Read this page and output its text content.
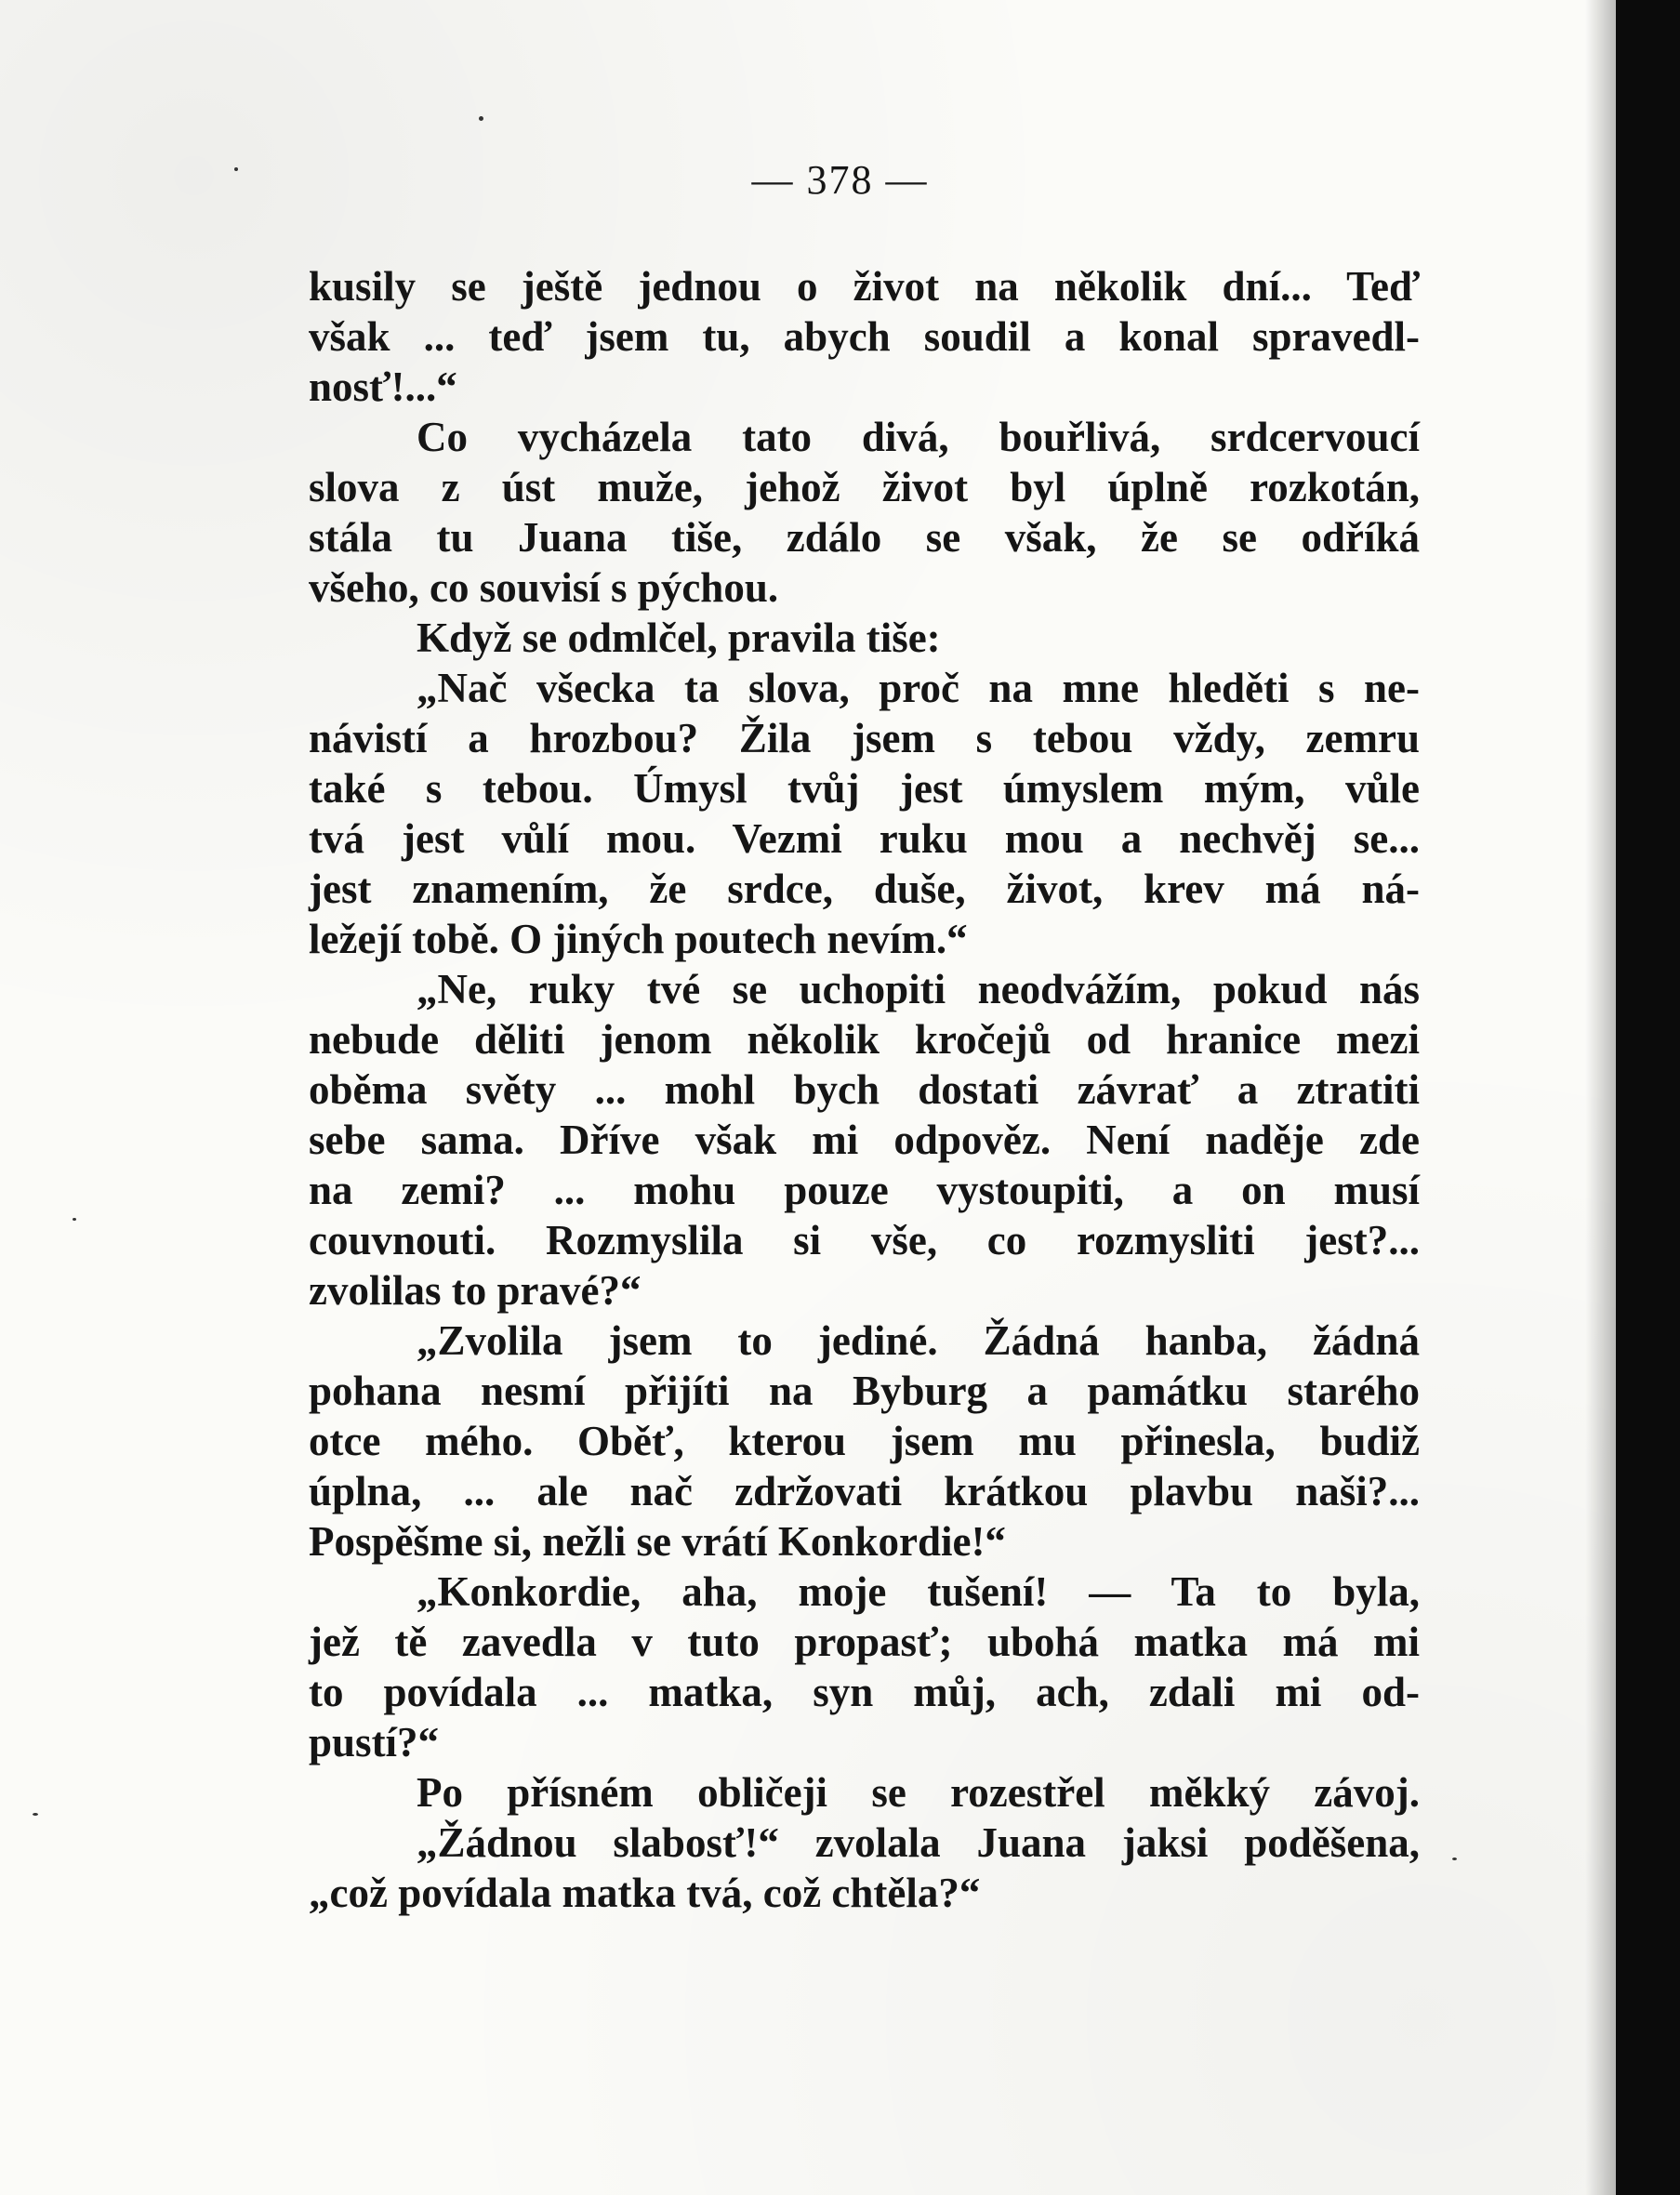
— 378 —
kusily se ještě jednou o život na několik dní... Teď
však ... teď jsem tu, abych soudil a konal spravedl-
nosť!...“
Co vycházela tato divá, bouřlivá, srdcervoucí
slova z úst muže, jehož život byl úplně rozkotán,
stála tu Juana tiše, zdálo se však, že se odříká
všeho, co souvisí s pýchou.
Když se odmlčel, pravila tiše:
„Nač všecka ta slova, proč na mne hleděti s ne-
návistí a hrozbou? Žila jsem s tebou vždy, zemru
také s tebou. Úmysl tvůj jest úmyslem mým, vůle
tvá jest vůlí mou. Vezmi ruku mou a nechvěj se...
jest znamením, že srdce, duše, život, krev má ná-
ležejí tobě. O jiných poutech nevím.“
„Ne, ruky tvé se uchopiti neodvážím, pokud nás
nebude děliti jenom několik kročejů od hranice mezi
oběma světy ... mohl bych dostati závrať a ztratiti
sebe sama. Dříve však mi odpověz. Není naděje zde
na zemi? ... mohu pouze vystoupiti, a on musí
couvnouti. Rozmyslila si vše, co rozmysliti jest?...
zvolilas to pravé?“
„Zvolila jsem to jediné. Žádná hanba, žádná
pohana nesmí přijíti na Byburg a památku starého
otce mého. Oběť, kterou jsem mu přinesla, budiž
úplna, ... ale nač zdržovati krátkou plavbu naši?...
Pospěšme si, nežli se vrátí Konkordie!“
„Konkordie, aha, moje tušení! — Ta to byla,
jež tě zavedla v tuto propasť; ubohá matka má mi
to povídala ... matka, syn můj, ach, zdali mi od-
pustí?“
Po přísném obličeji se rozestřel měkký závoj.
„Žádnou slabosť!“ zvolala Juana jaksi poděšena,
„což povídala matka tvá, což chtěla?“
